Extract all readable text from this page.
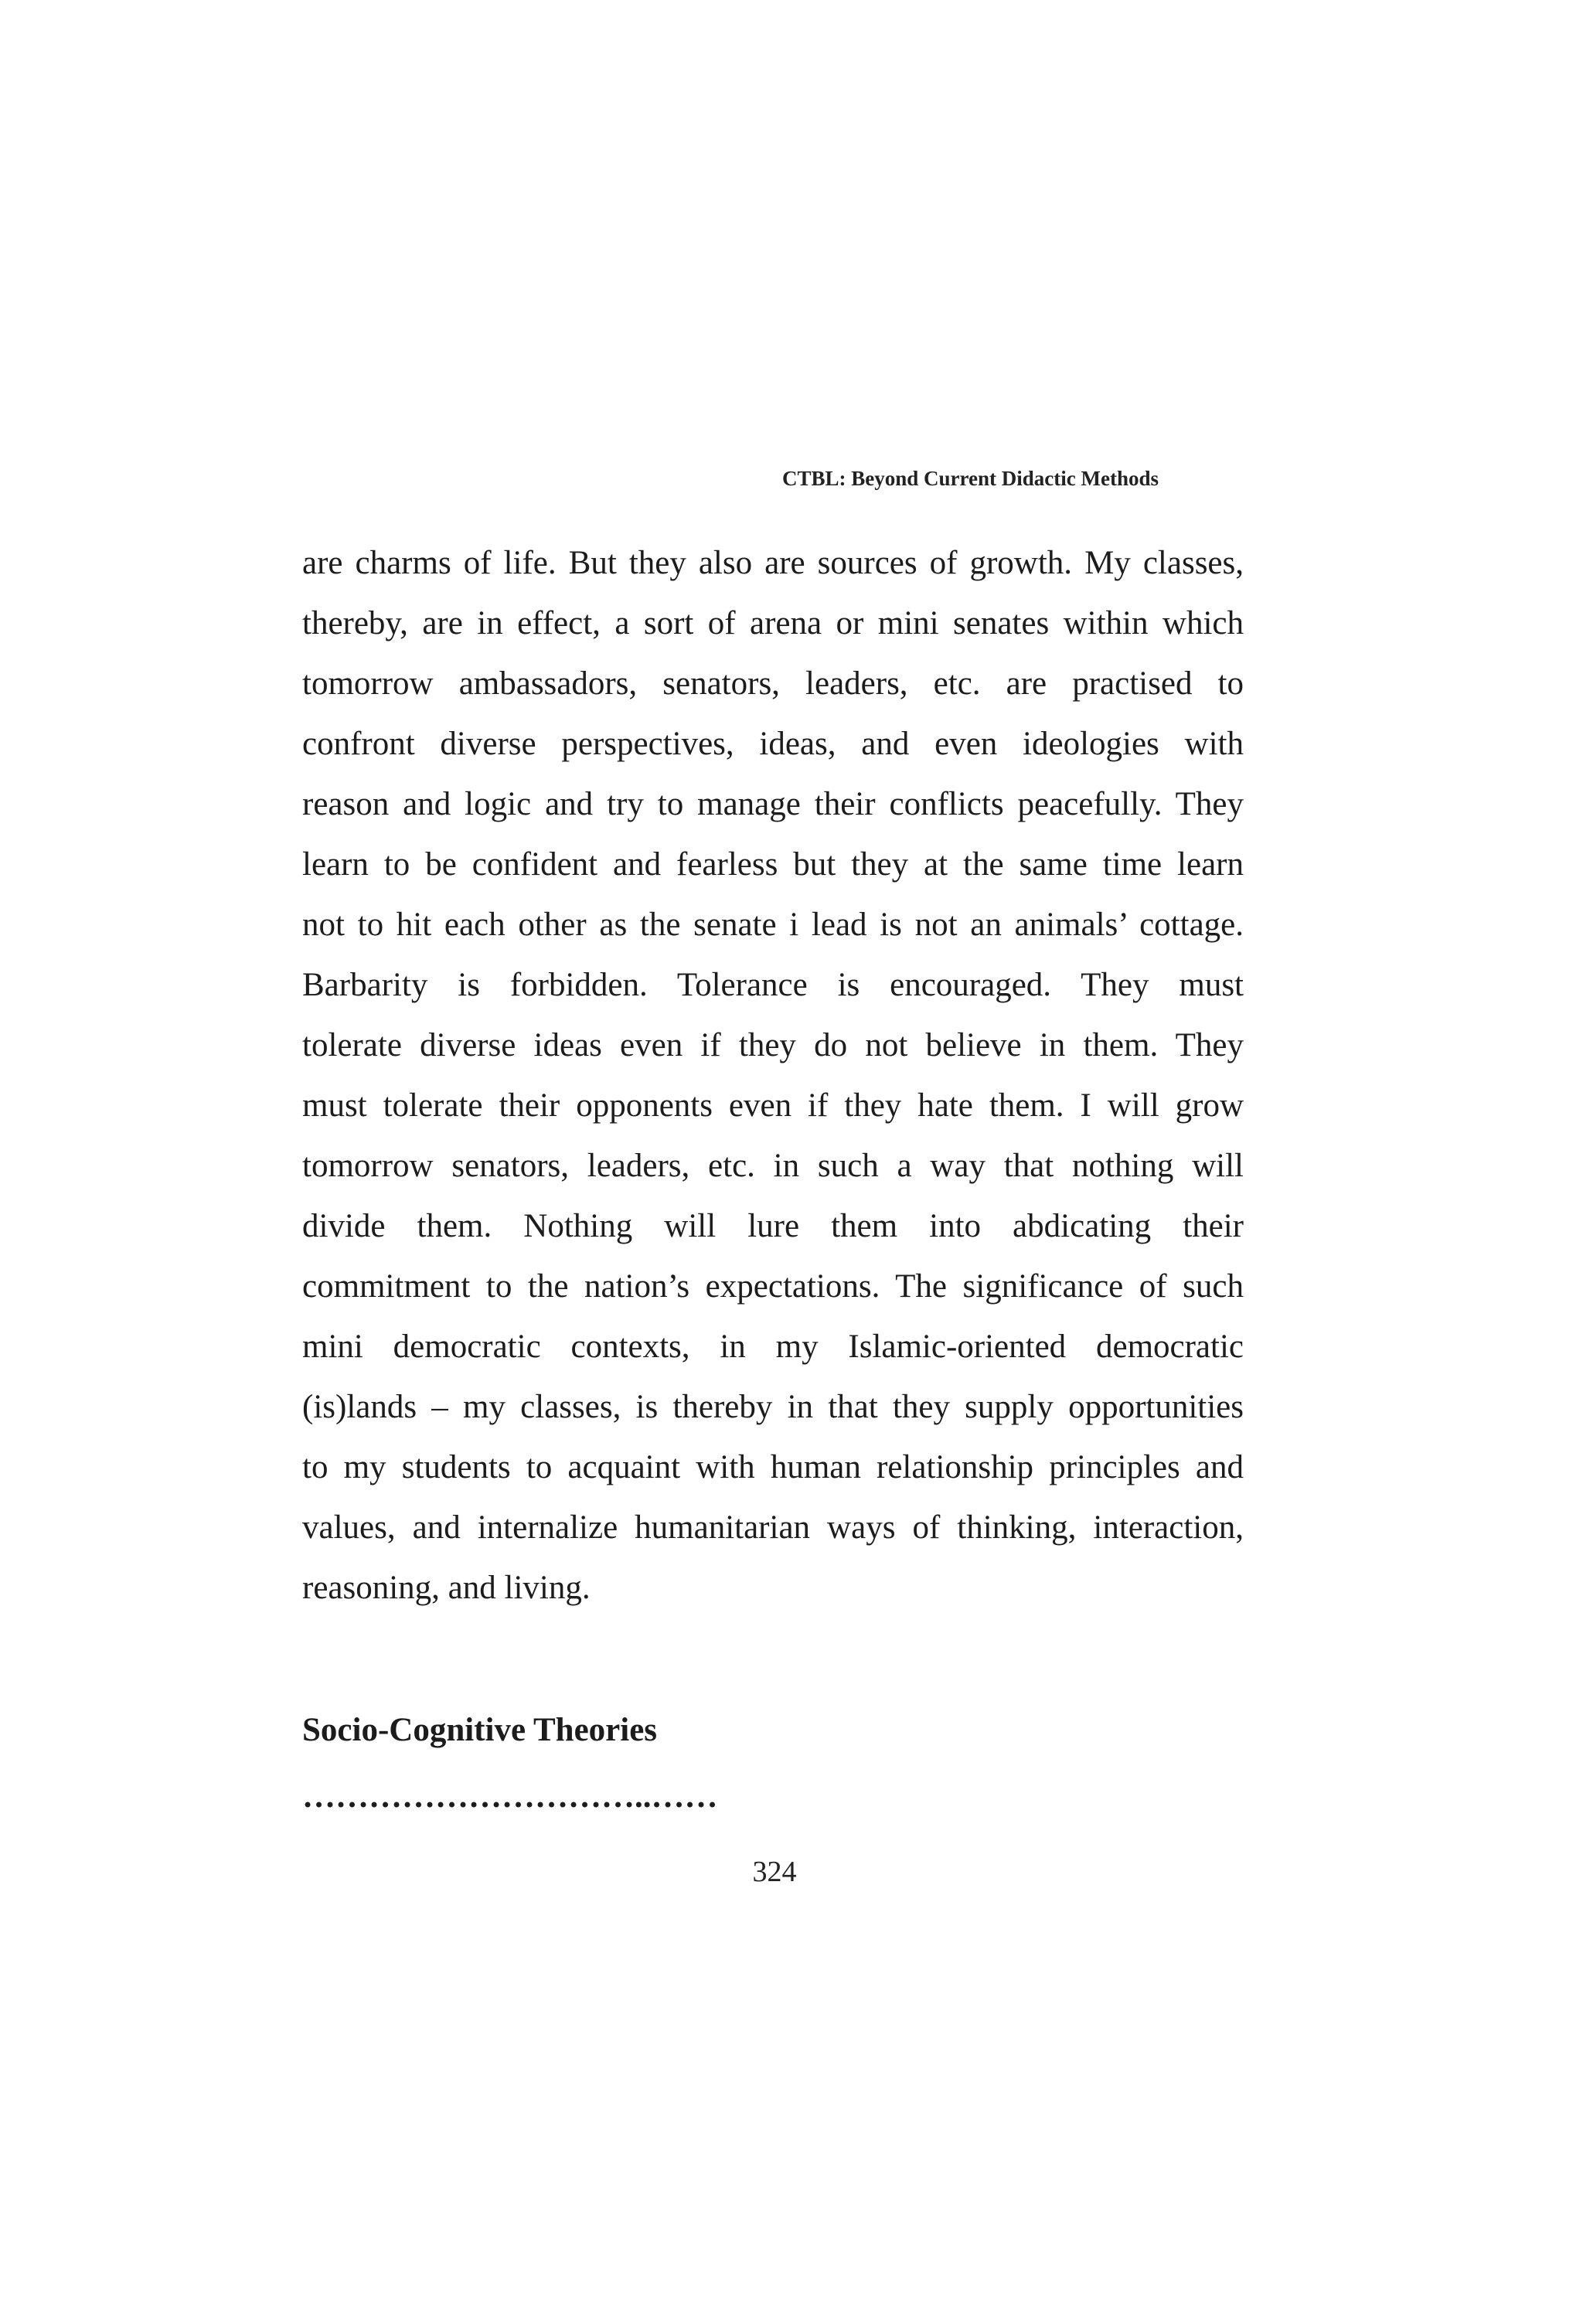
CTBL: Beyond Current Didactic Methods
are charms of life. But they also are sources of growth. My classes,
thereby, are in effect, a sort of arena or mini senates within which
tomorrow ambassadors, senators, leaders, etc. are practised to
confront diverse perspectives, ideas, and even ideologies with
reason and logic and try to manage their conflicts peacefully. They
learn to be confident and fearless but they at the same time learn
not to hit each other as the senate i lead is not an animals’ cottage.
Barbarity is forbidden. Tolerance is encouraged. They must
tolerate diverse ideas even if they do not believe in them. They
must tolerate their opponents even if they hate them. I will grow
tomorrow senators, leaders, etc. in such a way that nothing will
divide them. Nothing will lure them into abdicating their
commitment to the nation’s expectations. The significance of such
mini democratic contexts, in my Islamic-oriented democratic
(is)lands – my classes, is thereby in that they supply opportunities
to my students to acquaint with human relationship principles and
values, and internalize humanitarian ways of thinking, interaction,
reasoning, and living.
Socio-Cognitive Theories
…………………………..……
324
